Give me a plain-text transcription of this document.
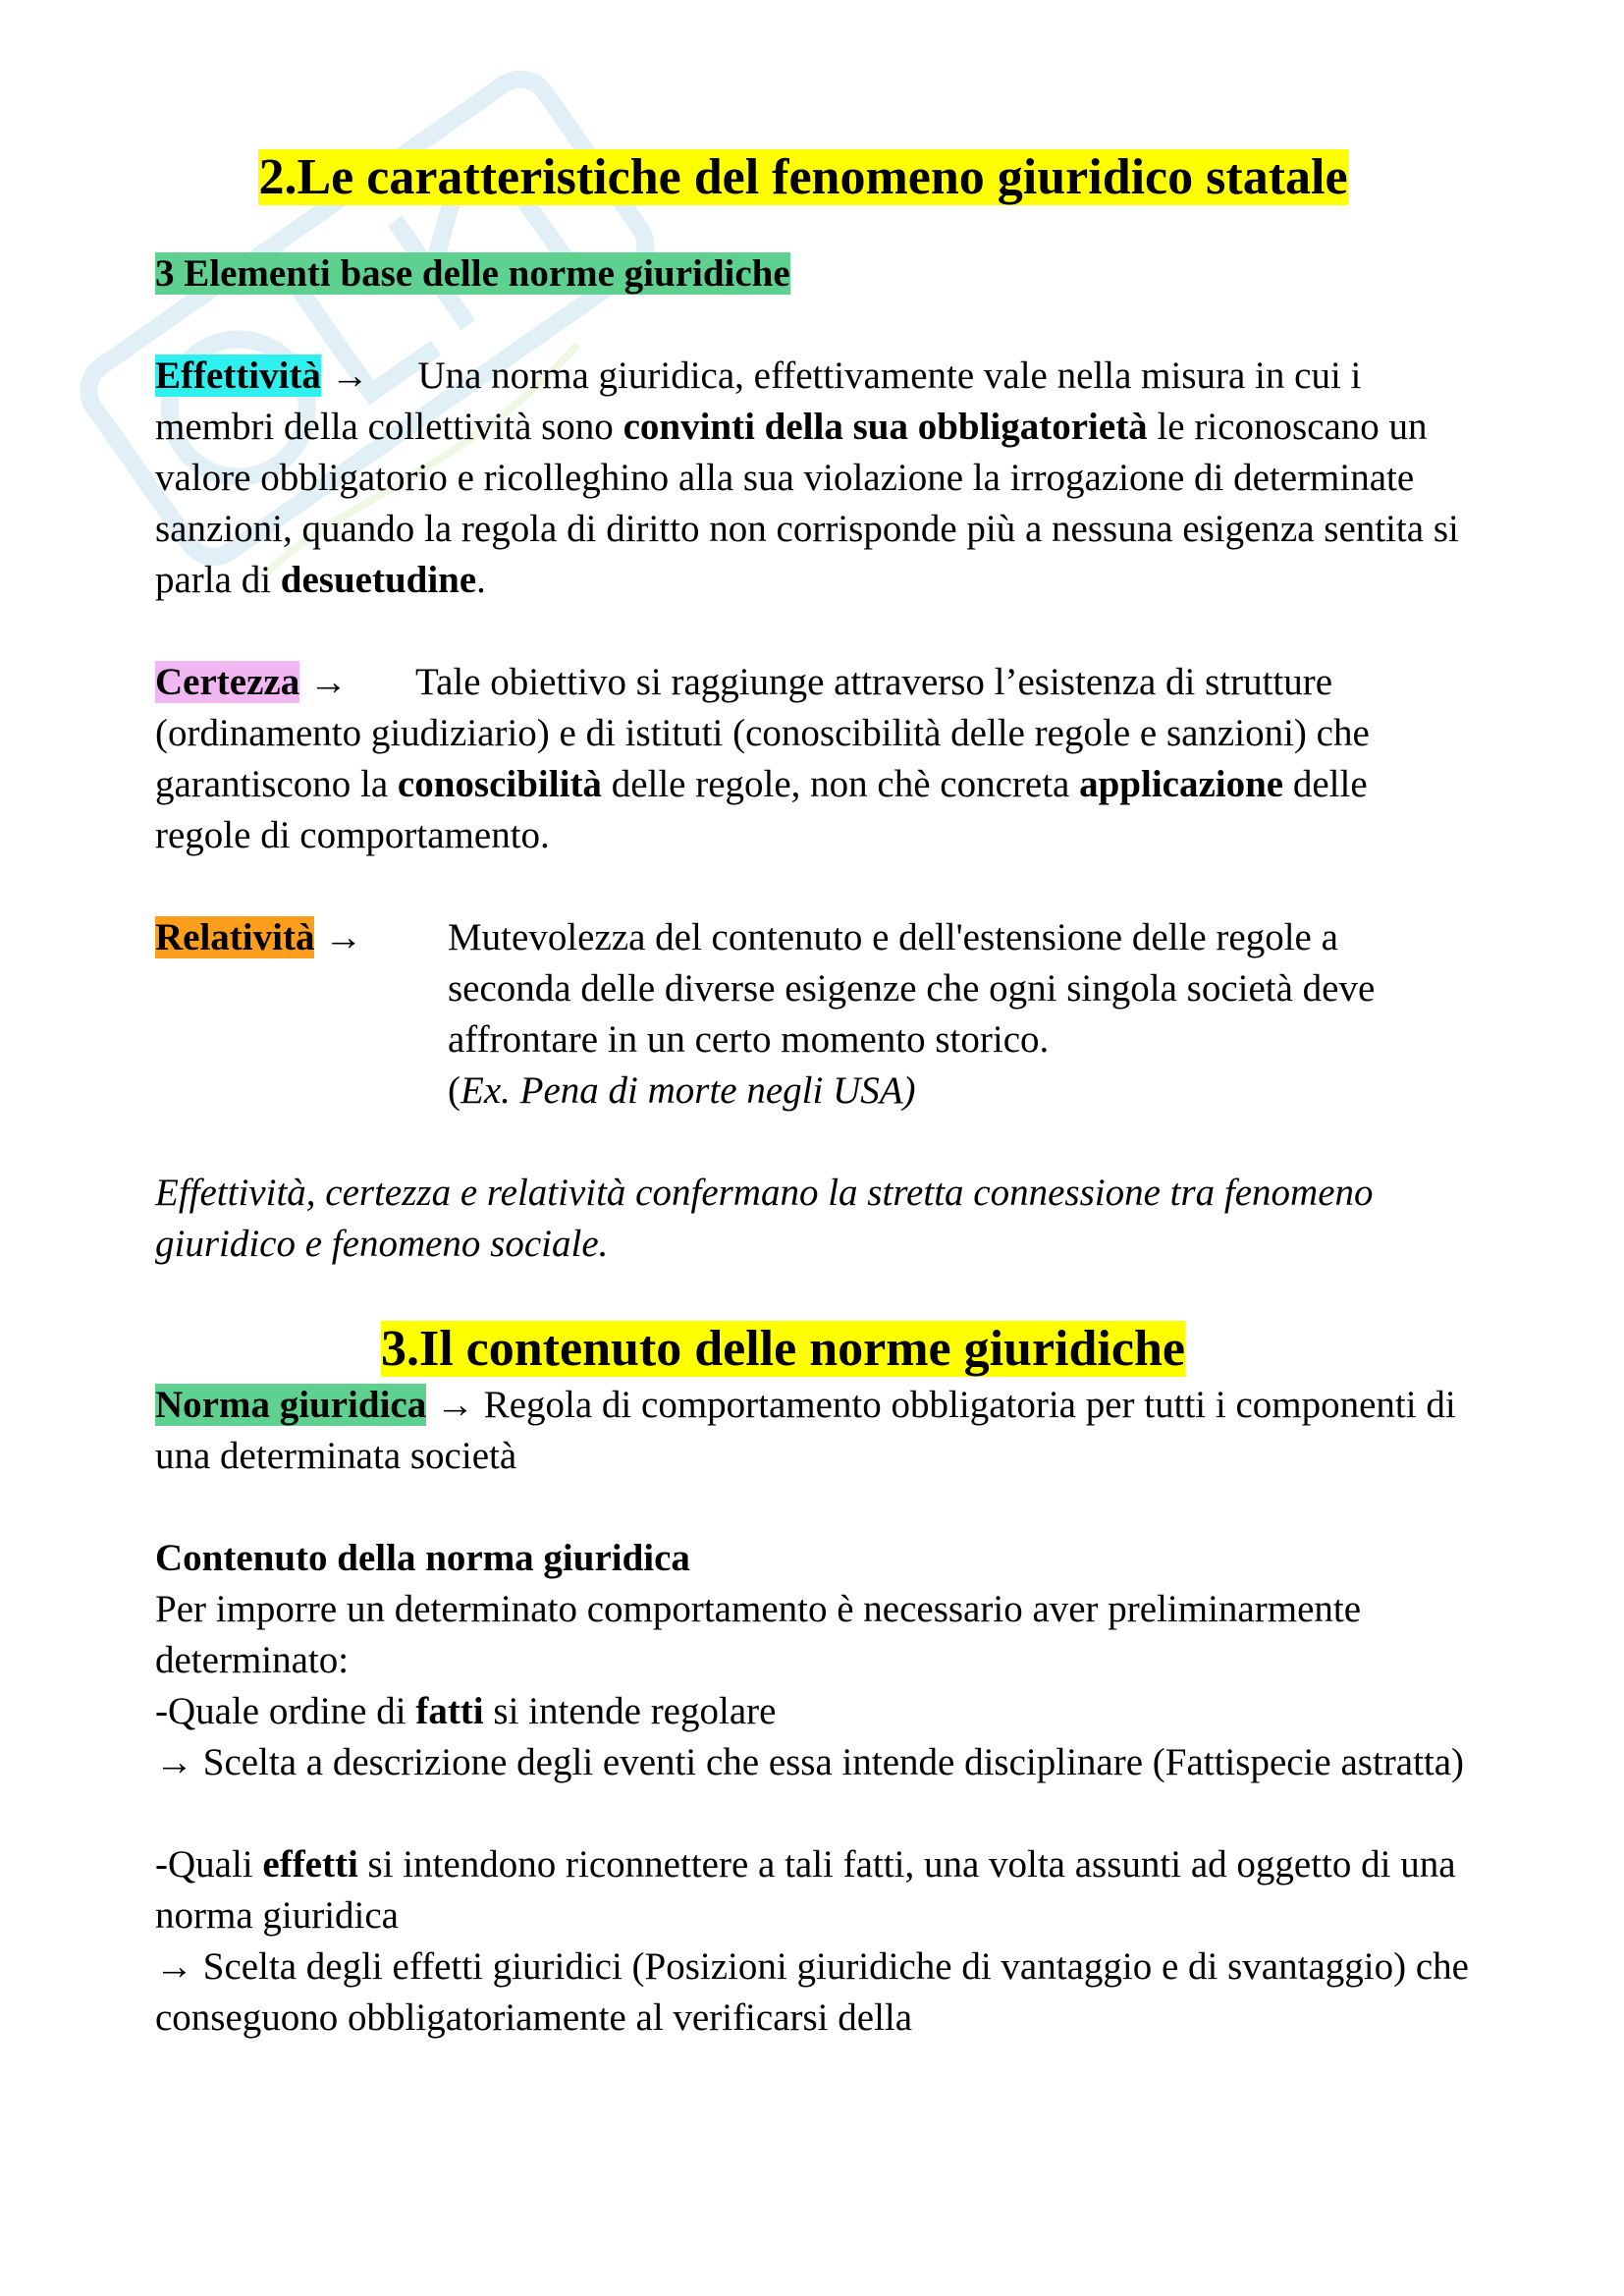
2.Le caratteristiche del fenomeno giuridico statale
3 Elementi base delle norme giuridiche

Effettività → Una norma giuridica, effettivamente vale nella misura in cui i membri della collettività sono convinti della sua obbligatorietà le riconoscano un valore obbligatorio e ricolleghino alla sua violazione la irrogazione di determinate sanzioni, quando la regola di diritto non corrisponde più a nessuna esigenza sentita si parla di desuetudine.

Certezza → Tale obiettivo si raggiunge attraverso l’esistenza di strutture (ordinamento giudiziario) e di istituti (conoscibilità delle regole e sanzioni) che garantiscono la conoscibilità delle regole, non chè concreta applicazione delle regole di comportamento.

Relatività →	Mutevolezza del contenuto e dell'estensione delle regole a seconda delle diverse esigenze che ogni singola società deve affrontare in un certo momento storico.
(Ex. Pena di morte negli USA)

Effettività, certezza e relatività confermano la stretta connessione tra fenomeno giuridico e fenomeno sociale.

3.Il contenuto delle norme giuridiche

Norma giuridica → Regola di comportamento obbligatoria per tutti i componenti di una determinata società

Contenuto della norma giuridica

Per imporre un determinato comportamento è necessario aver preliminarmente determinato:

-Quale ordine di fatti si intende regolare

→ Scelta a descrizione degli eventi che essa intende disciplinare (Fattispecie astratta)

-Quali effetti si intendono riconnettere a tali fatti, una volta assunti ad oggetto di una norma giuridica

→ Scelta degli effetti giuridici (Posizioni giuridiche di vantaggio e di svantaggio) che conseguono obbligatoriamente al verificarsi della
